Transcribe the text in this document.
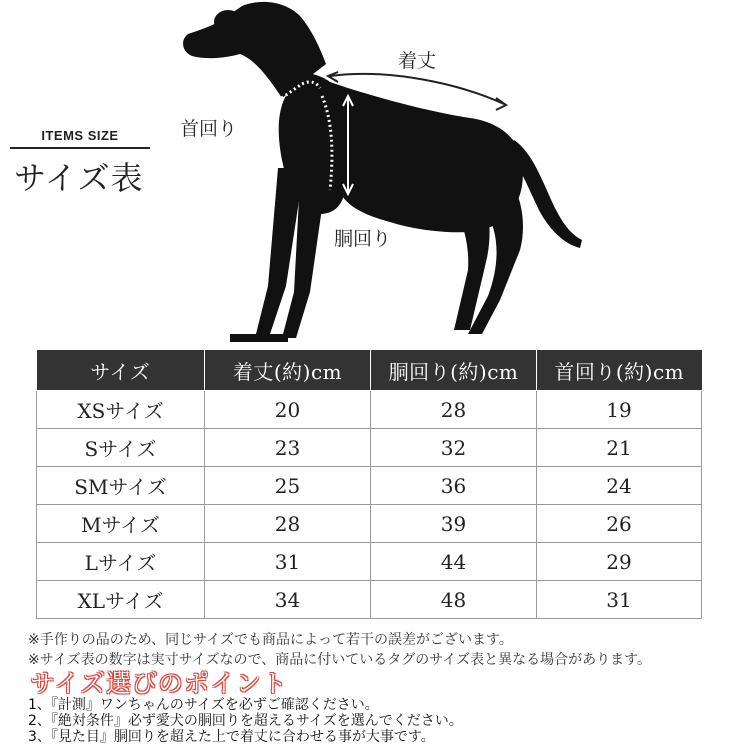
ITEMS SIZE
サイズ表
首回り
着丈
胴回り
サイズ	着丈(約)cm	胴回り(約)cm	首回り(約)cm
XSサイズ	20	28	19
Sサイズ	23	32	21
SMサイズ	25	36	24
Mサイズ	28	39	26
Lサイズ	31	44	29
XLサイズ	34	48	31
※手作りの品のため、同じサイズでも商品によって若干の誤差がございます。
※サイズ表の数字は実寸サイズなので、商品に付いているタグのサイズ表と異なる場合があります。
サイズ選びのポイント
1、『計測』ワンちゃんのサイズを必ずご確認ください。
2、『絶対条件』必ず愛犬の胴回りを超えるサイズを選んでください。
3、『見た目』胴回りを超えた上で着丈に合わせる事が大事です。
